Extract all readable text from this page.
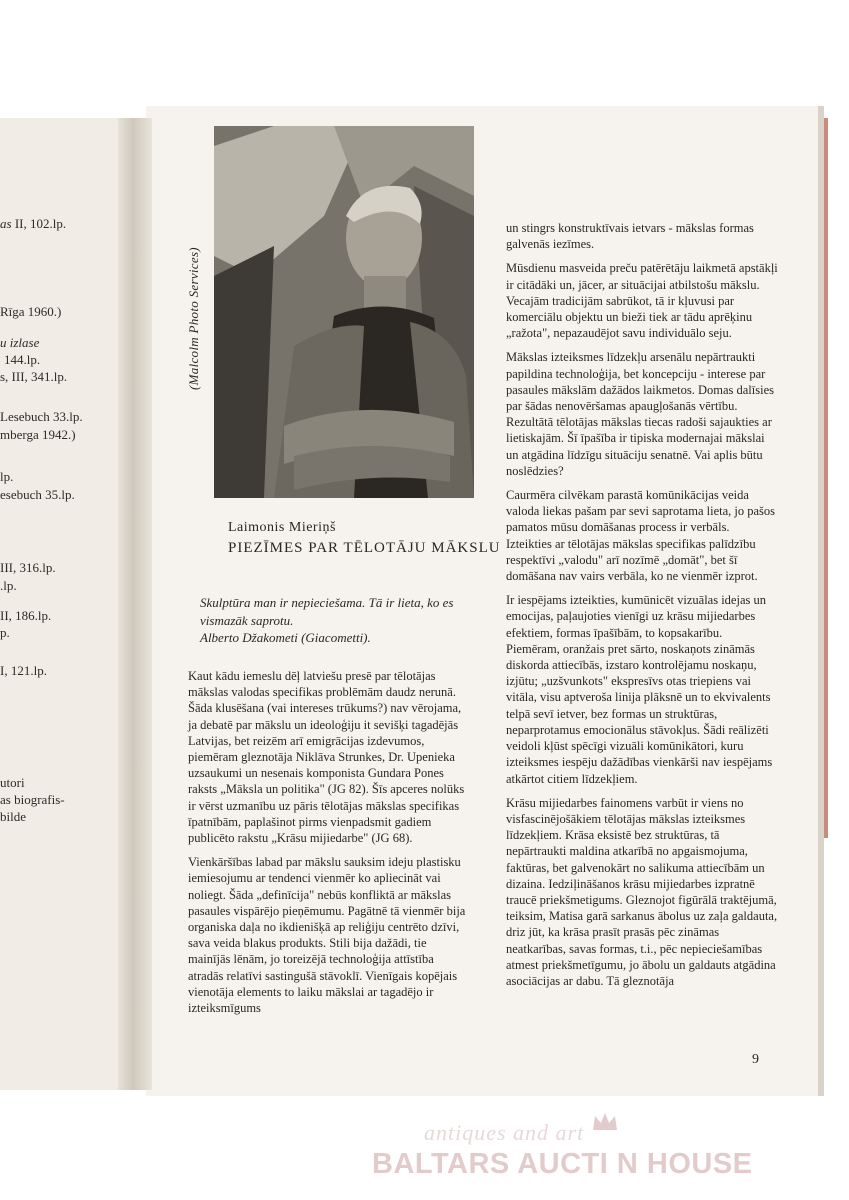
as II, 102.lp.
Rīga 1960.)
u izlase
144.lp.
s, III, 341.lp.
Lesebuch 33.lp.
mberga 1942.)
lp.
esebuch 35.lp.
III, 316.lp.
.lp.
II, 186.lp.
p.
I, 121.lp.
utori
as biografis-
bilde
(Malcolm Photo Services)
Laimonis Mieriņš
PIEZĪMES PAR TĒLOTĀJU MĀKSLU
Skulptūra man ir nepieciešama. Tā ir lieta, ko es vismazāk saprotu.
Alberto Džakometi (Giacometti).

Kaut kādu iemeslu dēļ latviešu presē par tēlotājas mākslas valodas specifikas problēmām daudz nerunā. Šāda klusēšana (vai intereses trūkums?) nav vērojama, ja debatē par mākslu un ideoloģiju it sevišķi tagadējās Latvijas, bet reizēm arī emigrācijas izdevumos, piemēram gleznotāja Niklāva Strunkes, Dr. Upenieka uzsaukumi un nesenais komponista Gundara Pones raksts „Māksla un politika" (JG 82). Šīs apceres nolūks ir vērst uzmanību uz pāris tēlotājas mākslas specifikas īpatnībām, paplašinot pirms vienpadsmit gadiem publicēto rakstu „Krāsu mijiedarbe" (JG 68).

Vienkāršības labad par mākslu sauksim ideju plastisku iemiesojumu ar tendenci vienmēr ko apliecināt vai noliegt. Šāda „definīcija" nebūs konfliktā ar mākslas pasaules vispārējo pieņēmumu. Pagātnē tā vienmēr bija organiska daļa no ikdienišķā ap reliģiju centrēto dzīvi, sava veida blakus produkts. Stili bija dažādi, tie mainījās lēnām, jo toreizējā technoloģija attīstība atradās relatīvi sastingušā stāvoklī. Vienīgais kopējais vienotāja elements to laiku mākslai ar tagadējo ir izteiksmīgums

un stingrs konstruktīvais ietvars - mākslas formas galvenās iezīmes.

Mūsdienu masveida preču patērētāju laikmetā apstākļi ir citādāki un, jācer, ar situācijai atbilstošu mākslu. Vecajām tradicijām sabrūkot, tā ir kļuvusi par komerciālu objektu un bieži tiek ar tādu aprēķinu „ražota", nepazaudējot savu individuālo seju.

Mākslas izteiksmes līdzekļu arsenālu nepārtraukti papildina technoloģija, bet koncepciju - interese par pasaules mākslām dažādos laikmetos. Domas dalīsies par šādas nenovēršamas apaugļošanās vērtību. Rezultātā tēlotājas mākslas tiecas radoši sajaukties ar lietiskajām. Šī īpašība ir tipiska modernajai mākslai un atgādina līdzīgu situāciju senatnē. Vai aplis būtu noslēdzies?

Caurmēra cilvēkam parastā komūnikācijas veida valoda liekas pašam par sevi saprotama lieta, jo pašos pamatos mūsu domāšanas process ir verbāls. Izteikties ar tēlotājas mākslas specifikas palīdzību respektīvi „valodu" arī nozīmē „domāt", bet šī domāšana nav vairs verbāla, ko ne vienmēr izprot.

Ir iespējams izteikties, kumūnicēt vizuālas idejas un emocijas, paļaujoties vienīgi uz krāsu mijiedarbes efektiem, formas īpašībām, to kopsakarību. Piemēram, oranžais pret sārto, noskaņots zināmās diskorda attiecībās, izstaro kontrolējamu noskaņu, izjūtu; „uzšvunkots" ekspresīvs otas triepiens vai vitāla, visu aptverоša linija plāksnē un to ekvivalents telpā sevī ietver, bez formas un struktūras, neparprotamus emocionālus stāvokļus. Šādi reālizēti veidoli kļūst spēcīgi vizuāli komūnikātori, kuru izteiksmes iespēju dažādības vienkārši nav iespējams atkārtot citiem līdzekļiem.

Krāsu mijiedarbes fainomens varbūt ir viens no visfascinējošākiem tēlotājas mākslas izteiksmes līdzekļiem. Krāsa eksistē bez struktūras, tā nepārtraukti maldina atkarībā no apgaismojuma, faktūras, bet galvenokārt no salikuma attiecībām un dizaina. Iedziļināšanos krāsu mijiedarbes izpratnē traucē priekšmetigums. Gleznojot figūrālā traktējumā, teiksim, Matisa garā sarkanus ābolus uz zaļa galdauta, driz jūt, ka krāsa prasīt prasās pēc zināmas neatkarības, savas formas, t.i., pēc nepieciešamības atmest priekšmetīgumu, jo ābolu un galdauts atgādina asociācijas ar dabu. Tā gleznotāja

9
antiques and art
BALTARS AUCTI N HOUSE
